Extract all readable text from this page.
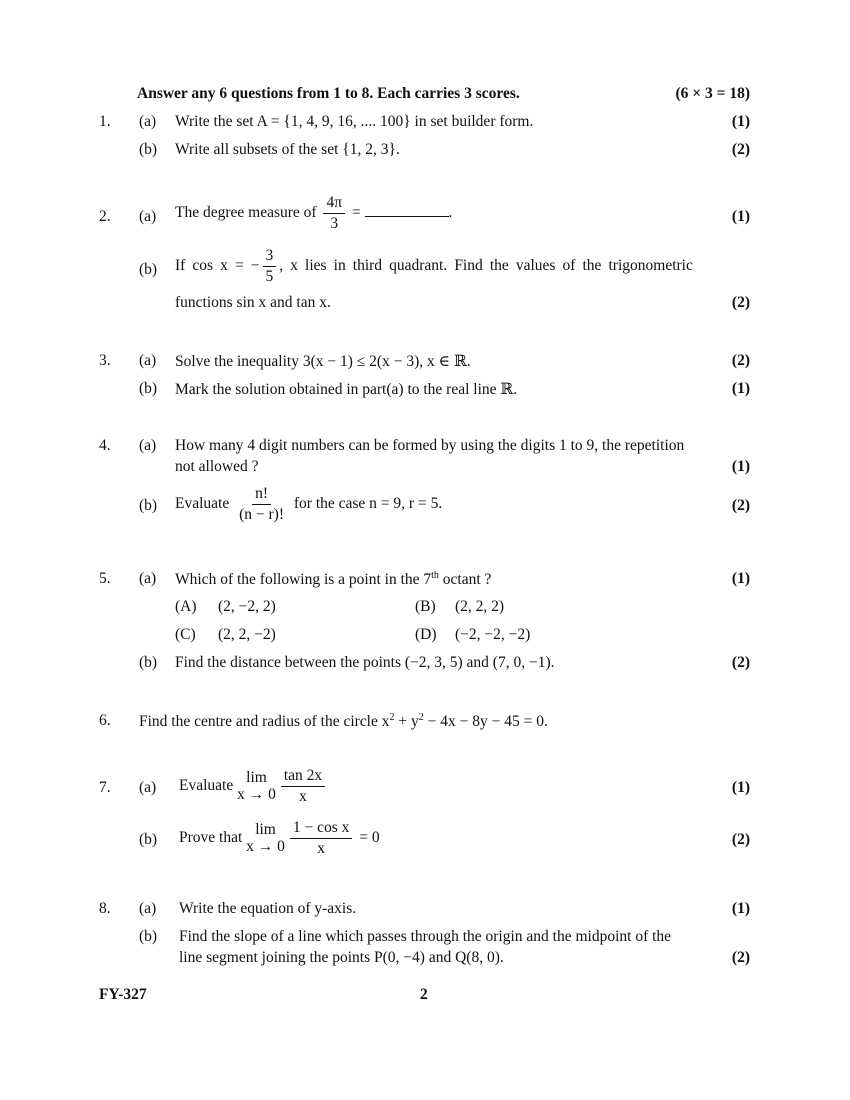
Answer any 6 questions from 1 to 8. Each carries 3 scores.	(6 × 3 = 18)
1. (a) Write the set A = {1, 4, 9, 16, .... 100} in set builder form.	(1)
(b) Write all subsets of the set {1, 2, 3}.	(2)
2. (a) The degree measure of $\frac{4\pi}{3}$ =	.	(1)
(b) If cos x = − $\frac{3}{5}$ , x lies in third quadrant. Find the values of the trigonometric
functions sin x and tan x.	(2)
3. (a) Solve the inequality 3(x − 1) ≤ 2(x − 3), x ∈ ℝ.	(2)
(b) Mark the solution obtained in part(a) to the real line ℝ.	(1)
4. (a) How many 4 digit numbers can be formed by using the digits 1 to 9, the repetition
not allowed ?	(1)
(b) Evaluate $\frac{n!}{(n - r)!}$ for the case n = 9, r = 5.	(2)
5. (a) Which of the following is a point in the 7th octant ?	(1)
(A) (2, −2, 2)	(B) (2, 2, 2)
(C) (2, 2, −2)	(D) (−2, −2, −2)
(b) Find the distance between the points (−2, 3, 5) and (7, 0, −1).	(2)
6. Find the centre and radius of the circle $x^2 + y^2 - 4x - 8y - 45 = 0$.
7. (a) Evaluate lim
$x \to 0 \frac{\tan 2x}{x}$	(1)
(b) Prove that lim
$x \to 0 \frac{\text{1 − cos x}}{x} = 0$	(2)
8. (a) Write the equation of y-axis.	(1)
(b) Find the slope of a line which passes through the origin and the midpoint of the
line segment joining the points P(0, −4) and Q(8, 0).	(2)
FY-327	2
